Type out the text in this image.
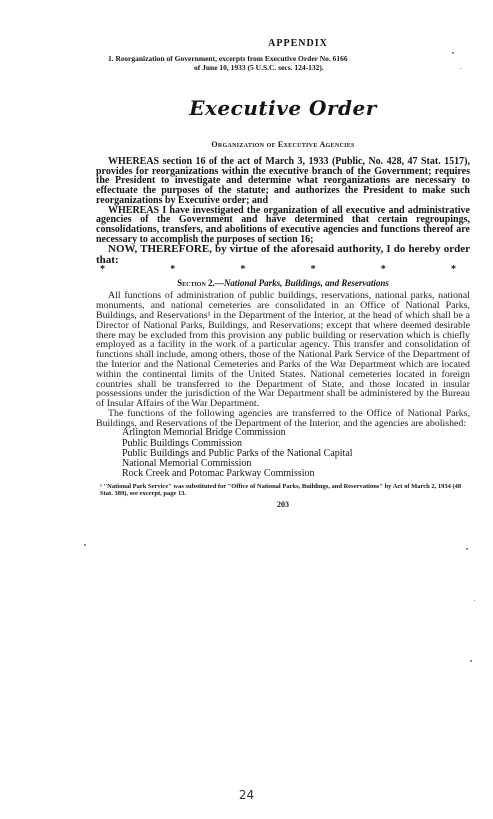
APPENDIX
1. Reorganization of Government, excerpts from Executive Order No. 6166
of June 10, 1933 (5 U.S.C. secs. 124-132).
Executive Order
Organization of Executive Agencies
WHEREAS section 16 of the act of March 3, 1933 (Public, No. 428, 47 Stat. 1517), provides for reorganizations within the executive branch of the Government; requires the President to investigate and determine what reorganizations are necessary to effectuate the purposes of the statute; and authorizes the President to make such reorganizations by Executive order; and
WHEREAS I have investigated the organization of all executive and administrative agencies of the Government and have determined that certain regroupings, consolidations, transfers, and abolitions of executive agencies and functions thereof are necessary to accomplish the purposes of section 16;
NOW, THEREFORE, by virtue of the aforesaid authority, I do hereby order that:
*	*	*	*	*	*
Section 2.—National Parks, Buildings, and Reservations
All functions of administration of public buildings, reservations, national parks, national monuments, and national cemeteries are consolidated in an Office of National Parks, Buildings, and Reservations¹ in the Department of the Interior, at the head of which shall be a Director of National Parks, Buildings, and Reservations; except that where deemed desirable there may be excluded from this provision any public building or reservation which is chiefly employed as a facility in the work of a particular agency. This transfer and consolidation of functions shall include, among others, those of the National Park Service of the Department of the Interior and the National Cemeteries and Parks of the War Department which are located within the continental limits of the United States. National cemeteries located in foreign countries shall be transferred to the Department of State, and those located in insular possessions under the jurisdiction of the War Department shall be administered by the Bureau of Insular Affairs of the War Department.
The functions of the following agencies are transferred to the Office of National Parks, Buildings, and Reservations of the Department of the Interior, and the agencies are abolished:
Arlington Memorial Bridge Commission
Public Buildings Commission
Public Buildings and Public Parks of the National Capital
National Memorial Commission
Rock Creek and Potomac Parkway Commission
¹ "National Park Service" was substituted for "Office of National Parks, Buildings, and Reservations" by Act of March 2, 1934 (48 Stat. 389), see excerpt, page 13.
203
24
